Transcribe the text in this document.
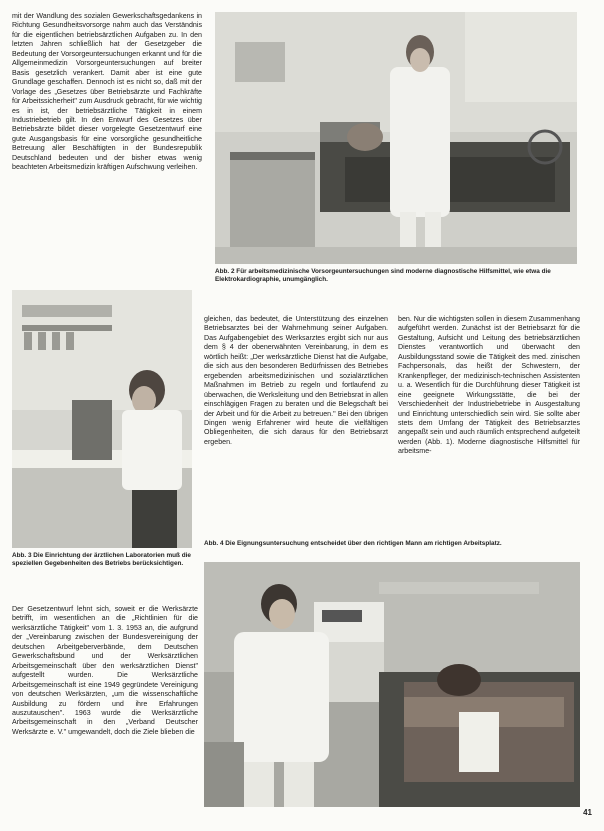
mit der Wandlung des sozialen Gewerkschaftsgedankens in Richtung Gesundheitsvorsorge nahm auch das Verständnis für die eigentlichen betriebsärztlichen Aufgaben zu. In den letzten Jahren schließlich hat der Gesetzgeber die Bedeutung der Vorsorgeuntersuchungen erkannt und für die Allgemeinmedizin Vorsorgeuntersuchungen auf breiter Basis gesetzlich verankert. Damit aber ist eine gute Grundlage geschaffen. Dennoch ist es nicht so, daß mit der Vorlage des „Gesetzes über Betriebsärzte und Fachkräfte für Arbeitssicherheit" zum Ausdruck gebracht, für wie wichtig es in ist, der betriebsärztliche Tätigkeit in einem Industriebetrieb gilt. In den Entwurf des Gesetzes über Betriebsärzte bildet dieser vorgelegte Gesetzentwurf eine gute Ausgangsbasis für eine vorsorgliche gesundheitliche Betreuung aller Beschäftigten in der Bundesrepublik Deutschland bedeuten und der bisher etwas wenig beachteten Arbeitsmedizin kräftigen Aufschwung verleihen.
Abb. 2 Für arbeitsmedizinische Vorsorgeuntersuchungen sind moderne diagnostische Hilfsmittel, wie etwa die Elektrokardiographie, unumgänglich.
Abb. 3 Die Einrichtung der ärztlichen Laboratorien muß die speziellen Gegebenheiten des Betriebs berücksichtigen.
gleichen, das bedeutet, die Unterstützung des einzelnen Betriebsarztes bei der Wahrnehmung seiner Aufgaben. Das Aufgabengebiet des Werksarztes ergibt sich nur aus dem § 4 der obenerwähnten Vereinbarung, in dem es wörtlich heißt: „Der werksärztliche Dienst hat die Aufgabe, die sich aus den besonderen Bedürfnissen des Betriebes ergebenden arbeitsmedizinischen und sozialärztlichen Maßnahmen im Betrieb zu regeln und fortlaufend zu überwachen, die Werksleitung und den Betriebsrat in allen einschlägigen Fragen zu beraten und die Belegschaft bei der Arbeit und für die Arbeit zu betreuen." Bei den übrigen Dingen wenig Erfahrener wird heute die vielfältigen Obliegenheiten, die sich daraus für den Betriebsarzt ergeben.
ben. Nur die wichtigsten sollen in diesem Zusammenhang aufgeführt werden. Zunächst ist der Betriebsarzt für die Gestaltung, Aufsicht und Leitung des betriebsärztlichen Dienstes verantwortlich und überwacht den Ausbildungsstand sowie die Tätigkeit des med. zinischen Fachpersonals, das heißt der Schwestern, der Krankenpfleger, der medizinisch-technischen Assistenten u. a. Wesentlich für die Durchführung dieser Tätigkeit ist eine geeignete Wirkungsstätte, die bei der Verschiedenheit der Industriebetriebe in Ausgestaltung und Einrichtung unterschiedlich sein wird. Sie sollte aber stets dem Umfang der Tätigkeit des Betriebsarztes angepaßt sein und auch räumlich entsprechend aufgeteilt werden (Abb. 1). Moderne diagnostische Hilfsmittel für arbeitsme-
Abb. 4 Die Eignungsuntersuchung entscheidet über den richtigen Mann am richtigen Arbeitsplatz.
Der Gesetzentwurf lehnt sich, soweit er die Werksärzte betrifft, im wesentlichen an die „Richtlinien für die werksärztliche Tätigkeit" vom 1. 3. 1953 an, die aufgrund der „Vereinbarung zwischen der Bundesvereinigung der deutschen Arbeitgeberverbände, dem Deutschen Gewerkschaftsbund und der Werksärztlichen Arbeitsgemeinschaft über den werksärztlichen Dienst" aufgestellt wurden. Die Werksärztliche Arbeitsgemeinschaft ist eine 1949 gegründete Vereinigung von deutschen Werksärzten, „um die wissenschaftliche Ausbildung zu fördern und ihre Erfahrungen auszutauschen". 1963 wurde die Werksärztliche Arbeitsgemeinschaft in den „Verband Deutscher Werksärzte e. V." umgewandelt, doch die Ziele blieben die
41
